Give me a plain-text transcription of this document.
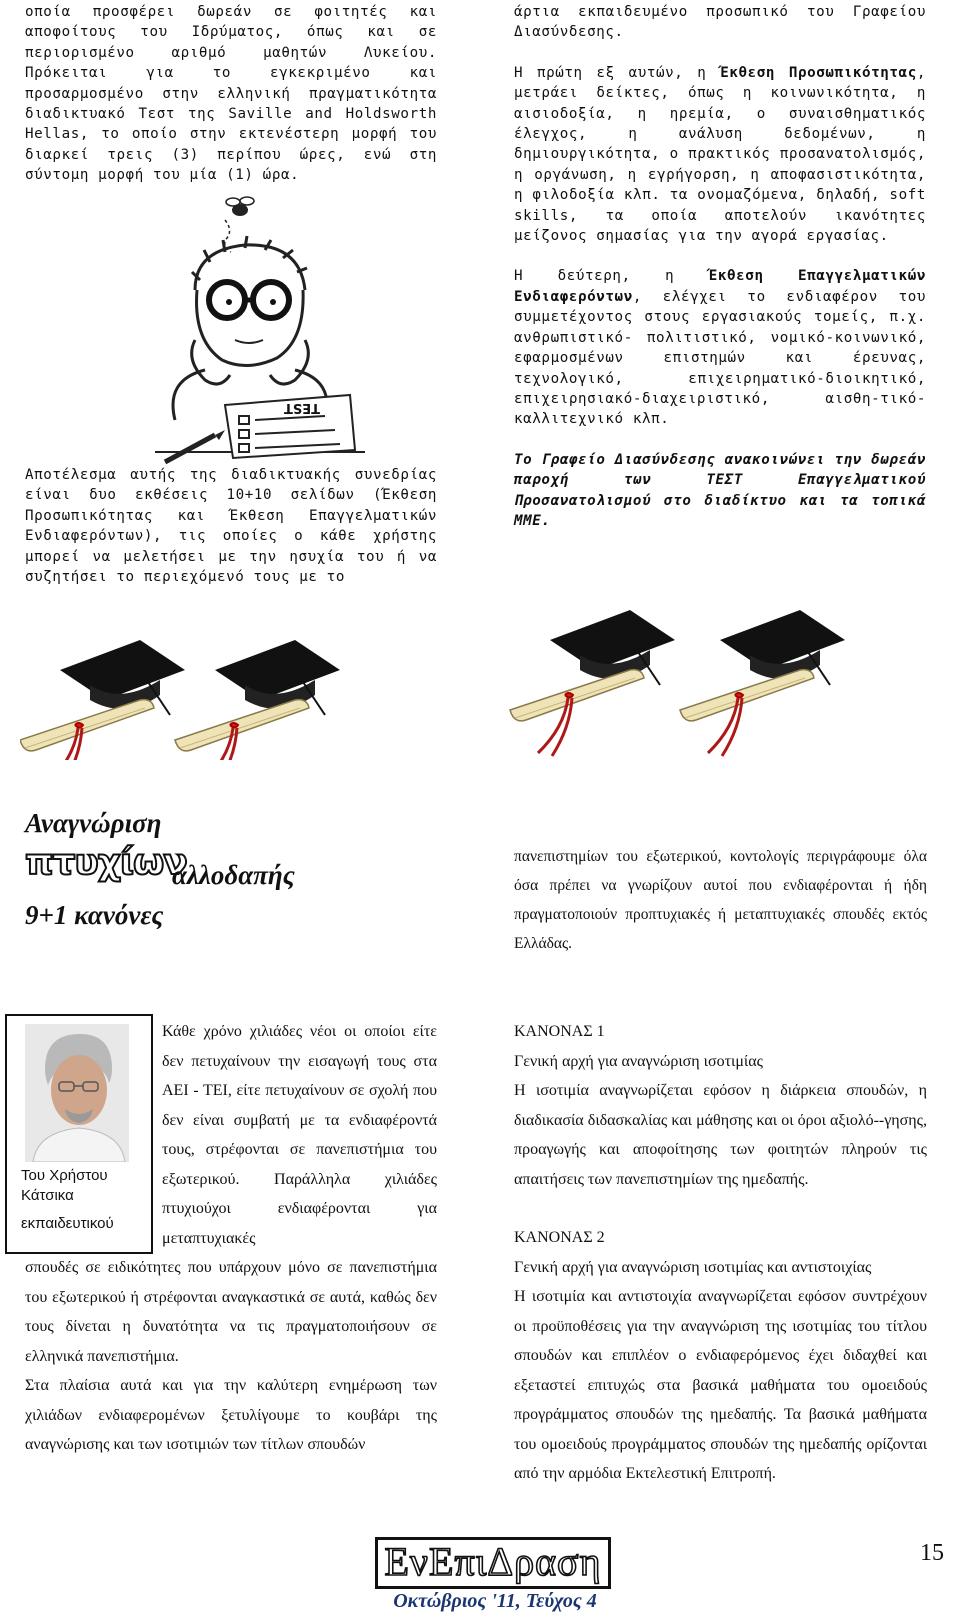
οποία προσφέρει δωρεάν σε φοιτητές και αποφοίτους του Ιδρύματος, όπως και σε περιορισμένο αριθμό μαθητών Λυκείου. Πρόκειται για το εγκεκριμένο και προσαρμοσμένο στην ελληνική πραγματικότητα διαδικτυακό Τεστ της Saville and Holdsworth Hellas, το οποίο στην εκτενέστερη μορφή του διαρκεί τρεις (3) περίπου ώρες, ενώ στη σύντομη μορφή του μία (1) ώρα.

TEST

Αποτέλεσμα αυτής της διαδικτυακής συνεδρίας είναι δυο εκθέσεις 10+10 σελίδων (Έκθεση Προσωπικότητας και Έκθεση Επαγγελματικών Ενδιαφερόντων), τις οποίες ο κάθε χρήστης μπορεί να μελετήσει με την ησυχία του ή να συζητήσει το περιεχόμενό τους με το

άρτια εκπαιδευμένο προσωπικό του Γραφείου Διασύνδεσης.

Η πρώτη εξ αυτών, η Έκθεση Προσωπικότητας, μετράει δείκτες, όπως η κοινωνικότητα, η αισιοδοξία, η ηρεμία, ο συναισθηματικός έλεγχος, η ανάλυση δεδομένων, η δημιουργικότητα, ο πρακτικός προσανατολισμός, η οργάνωση, η εγρήγορση, η αποφασιστικότητα, η φιλοδοξία κλπ. τα ονομαζόμενα, δηλαδή, soft skills, τα οποία αποτελούν ικανότητες μείζονος σημασίας για την αγορά εργασίας.

Η δεύτερη, η Έκθεση Επαγγελματικών Ενδιαφερόντων, ελέγχει το ενδιαφέρον του συμμετέχοντος στους εργασιακούς τομείς, π.χ. ανθρωπιστικό- πολιτιστικό, νομικό-κοινωνικό, εφαρμοσμένων επιστημών και έρευνας, τεχνολογικό, επιχειρηματικό-διοικητικό, επιχειρησιακό-διαχειριστικό, αισθη-τικό-καλλιτεχνικό κλπ.

Το Γραφείο Διασύνδεσης ανακοινώνει την δωρεάν παροχή των ΤΕΣΤ Επαγγελματικού Προσανατολισμού στο διαδίκτυο και τα τοπικά ΜΜΕ.

Αναγνώριση
πτυχίων
αλλοδαπής
9+1 κανόνες

πανεπιστημίων του εξωτερικού, κοντολογίς περιγράφουμε όλα όσα πρέπει να γνωρίζουν αυτοί που ενδιαφέρονται ή ήδη πραγματοποιούν προπτυχιακές ή μεταπτυχιακές σπουδές εκτός Ελλάδας.

Του Χρήστου
Κάτσικα
εκπαιδευτικού

Κάθε χρόνο χιλιάδες νέοι οι οποίοι είτε δεν πετυχαίνουν την εισαγωγή τους στα ΑΕΙ - ΤΕΙ, είτε πετυχαίνουν σε σχολή που δεν είναι συμβατή με τα ενδιαφέροντά τους, στρέφονται σε πανεπιστήμια του εξωτερικού. Παράλληλα χιλιάδες πτυχιούχοι ενδιαφέρονται για μεταπτυχιακές

σπουδές σε ειδικότητες που υπάρχουν μόνο σε πανεπιστήμια του εξωτερικού ή στρέφονται αναγκαστικά σε αυτά, καθώς δεν τους δίνεται η δυνατότητα να τις πραγματοποιήσουν σε ελληνικά πανεπιστήμια.

Στα πλαίσια αυτά και για την καλύτερη ενημέρωση των χιλιάδων ενδιαφερομένων ξετυλίγουμε το κουβάρι της αναγνώρισης και των ισοτιμιών των τίτλων σπουδών

ΚΑΝΟΝΑΣ 1

Γενική αρχή για αναγνώριση ισοτιμίας

Η ισοτιμία αναγνωρίζεται εφόσον η διάρκεια σπουδών, η διαδικασία διδασκαλίας και μάθησης και οι όροι αξιολό--γησης, προαγωγής και αποφοίτησης των φοιτητών πληρούν τις απαιτήσεις των πανεπιστημίων της ημεδαπής.

ΚΑΝΟΝΑΣ 2

Γενική αρχή για αναγνώριση ισοτιμίας και αντιστοιχίας

Η ισοτιμία και αντιστοιχία αναγνωρίζεται εφόσον συντρέχουν οι προϋποθέσεις για την αναγνώριση της ισοτιμίας του τίτλου σπουδών και επιπλέον ο ενδιαφερόμενος έχει διδαχθεί και εξεταστεί επιτυχώς στα βασικά μαθήματα του ομοειδούς προγράμματος σπουδών της ημεδαπής. Τα βασικά μαθήματα του ομοειδούς προγράμματος σπουδών της ημεδαπής ορίζονται από την αρμόδια Εκτελεστική Επιτροπή.

ΕνΕπιΔραση
Οκτώβριος '11, Τεύχος 4
15
